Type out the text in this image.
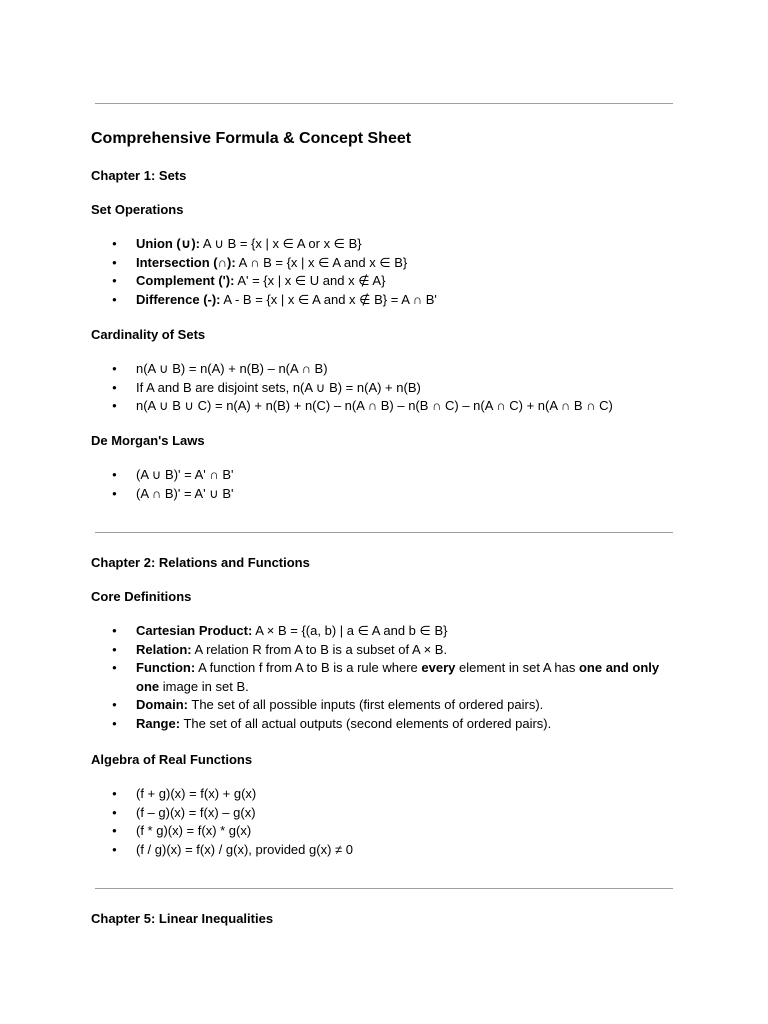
Comprehensive Formula & Concept Sheet
Chapter 1: Sets
Set Operations
● Union (∪): A ∪ B = {x | x ∈ A or x ∈ B}
● Intersection (∩): A ∩ B = {x | x ∈ A and x ∈ B}
● Complement ('): A' = {x | x ∈ U and x ∉ A}
● Difference (-): A - B = {x | x ∈ A and x ∉ B} = A ∩ B'
Cardinality of Sets
● n(A ∪ B) = n(A) + n(B) – n(A ∩ B)
● If A and B are disjoint sets, n(A ∪ B) = n(A) + n(B)
● n(A ∪ B ∪ C) = n(A) + n(B) + n(C) – n(A ∩ B) – n(B ∩ C) – n(A ∩ C) + n(A ∩ B ∩ C)
De Morgan's Laws
● (A ∪ B)' = A' ∩ B'
● (A ∩ B)' = A' ∪ B'
Chapter 2: Relations and Functions
Core Definitions
● Cartesian Product: A × B = {(a, b) | a ∈ A and b ∈ B}
● Relation: A relation R from A to B is a subset of A × B.
● Function: A function f from A to B is a rule where every element in set A has one and only one image in set B.
● Domain: The set of all possible inputs (first elements of ordered pairs).
● Range: The set of all actual outputs (second elements of ordered pairs).
Algebra of Real Functions
● (f + g)(x) = f(x) + g(x)
● (f – g)(x) = f(x) – g(x)
● (f * g)(x) = f(x) * g(x)
● (f / g)(x) = f(x) / g(x), provided g(x) ≠ 0
Chapter 5: Linear Inequalities
